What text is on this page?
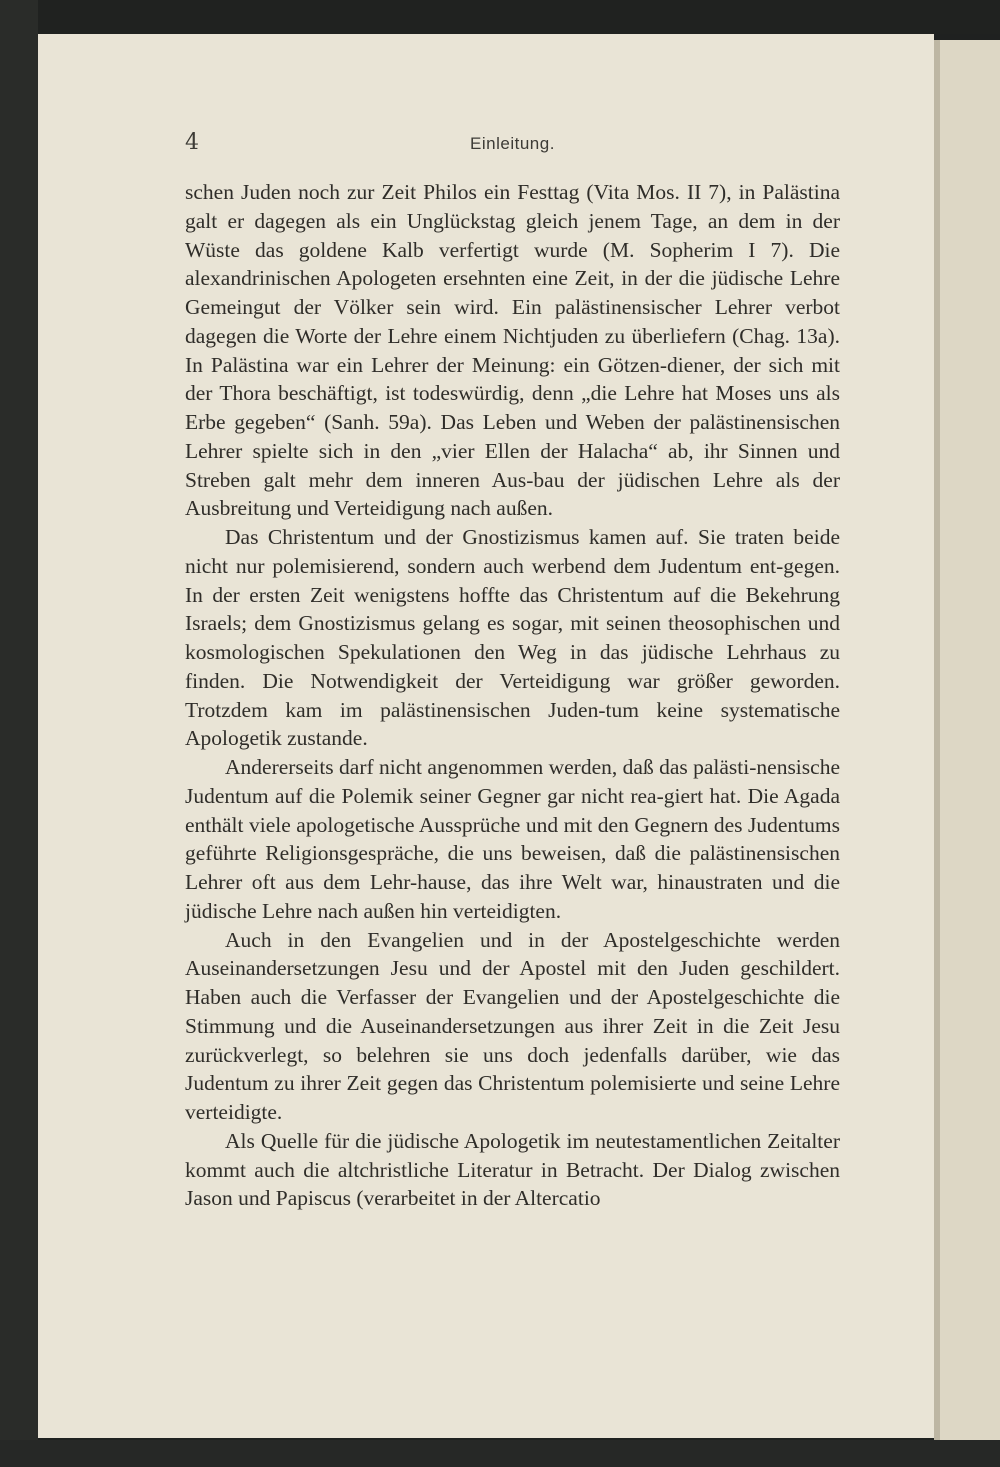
4	Einleitung.

schen Juden noch zur Zeit Philos ein Festtag (Vita Mos. II 7), in Palästina galt er dagegen als ein Unglückstag gleich jenem Tage, an dem in der Wüste das goldene Kalb verfertigt wurde (M. Sopherim I 7). Die alexandrinischen Apologeten ersehnten eine Zeit, in der die jüdische Lehre Gemeingut der Völker sein wird. Ein palästinensischer Lehrer verbot dagegen die Worte der Lehre einem Nichtjuden zu überliefern (Chag. 13a). In Palästina war ein Lehrer der Meinung: ein Götzen-diener, der sich mit der Thora beschäftigt, ist todeswürdig, denn „die Lehre hat Moses uns als Erbe gegeben“ (Sanh. 59a). Das Leben und Weben der palästinensischen Lehrer spielte sich in den „vier Ellen der Halacha“ ab, ihr Sinnen und Streben galt mehr dem inneren Aus-bau der jüdischen Lehre als der Ausbreitung und Verteidigung nach außen.

Das Christentum und der Gnostizismus kamen auf. Sie traten beide nicht nur polemisierend, sondern auch werbend dem Judentum ent-gegen. In der ersten Zeit wenigstens hoffte das Christentum auf die Bekehrung Israels; dem Gnostizismus gelang es sogar, mit seinen theosophischen und kosmologischen Spekulationen den Weg in das jüdische Lehrhaus zu finden. Die Notwendigkeit der Verteidigung war größer geworden. Trotzdem kam im palästinensischen Juden-tum keine systematische Apologetik zustande.

Andererseits darf nicht angenommen werden, daß das palästi-nensische Judentum auf die Polemik seiner Gegner gar nicht rea-giert hat. Die Agada enthält viele apologetische Aussprüche und mit den Gegnern des Judentums geführte Religionsgespräche, die uns beweisen, daß die palästinensischen Lehrer oft aus dem Lehr-hause, das ihre Welt war, hinaustraten und die jüdische Lehre nach außen hin verteidigten.

Auch in den Evangelien und in der Apostelgeschichte werden Auseinandersetzungen Jesu und der Apostel mit den Juden geschildert. Haben auch die Verfasser der Evangelien und der Apostelgeschichte die Stimmung und die Auseinandersetzungen aus ihrer Zeit in die Zeit Jesu zurückverlegt, so belehren sie uns doch jedenfalls darüber, wie das Judentum zu ihrer Zeit gegen das Christentum polemisierte und seine Lehre verteidigte.

Als Quelle für die jüdische Apologetik im neutestamentlichen Zeitalter kommt auch die altchristliche Literatur in Betracht. Der Dialog zwischen Jason und Papiscus (verarbeitet in der Altercatio
